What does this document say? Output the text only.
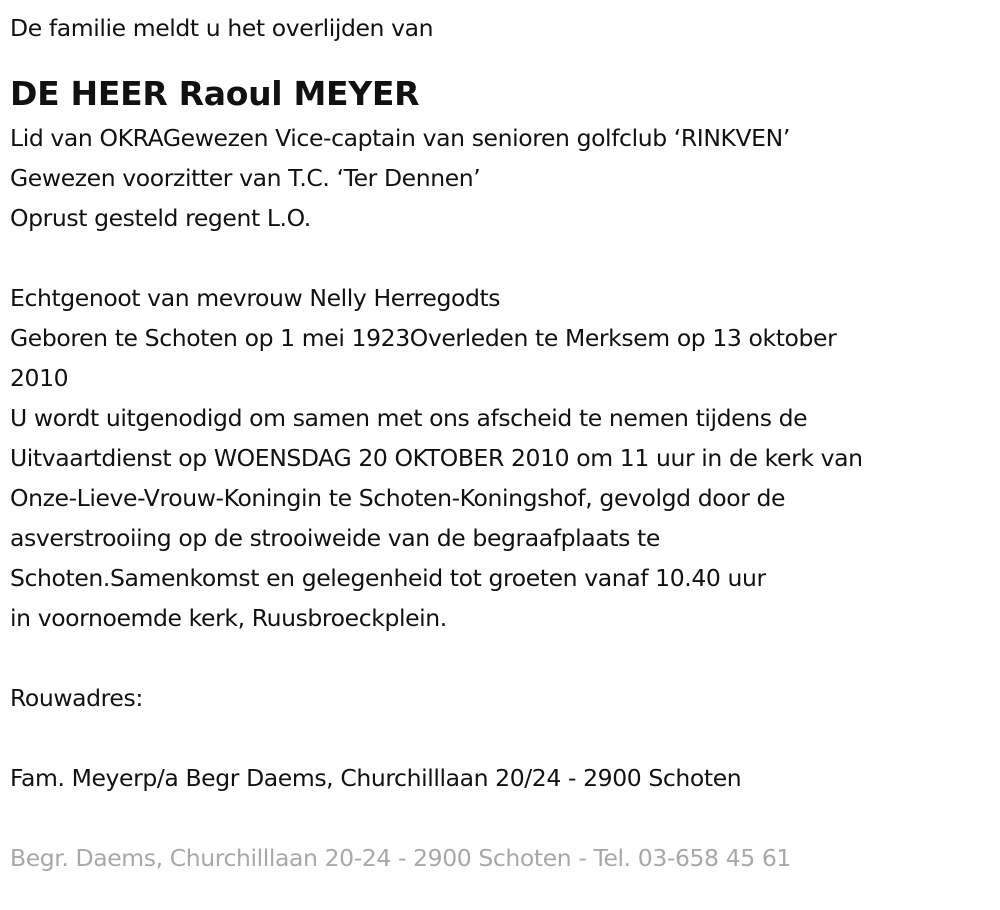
De familie meldt u het overlijden van
DE HEER Raoul MEYER
Lid van OKRAGewezen Vice-captain van senioren golfclub ‘RINKVEN’
Gewezen voorzitter van T.C. ‘Ter Dennen’
Oprust gesteld regent L.O.
Echtgenoot van mevrouw Nelly Herregodts
Geboren te Schoten op 1 mei 1923Overleden te Merksem op 13 oktober
2010
U wordt uitgenodigd om samen met ons afscheid te nemen tijdens de
Uitvaartdienst op WOENSDAG 20 OKTOBER 2010 om 11 uur in de kerk van
Onze-Lieve-Vrouw-Koningin te Schoten-Koningshof, gevolgd door de
asverstrooiing op de strooiweide van de begraafplaats te
Schoten.Samenkomst en gelegenheid tot groeten vanaf 10.40 uur
in voornoemde kerk, Ruusbroeckplein.
Rouwadres:
Fam. Meyerp/a Begr Daems, Churchilllaan 20/24 - 2900 Schoten
Begr. Daems, Churchilllaan 20-24 - 2900 Schoten - Tel. 03-658 45 61
